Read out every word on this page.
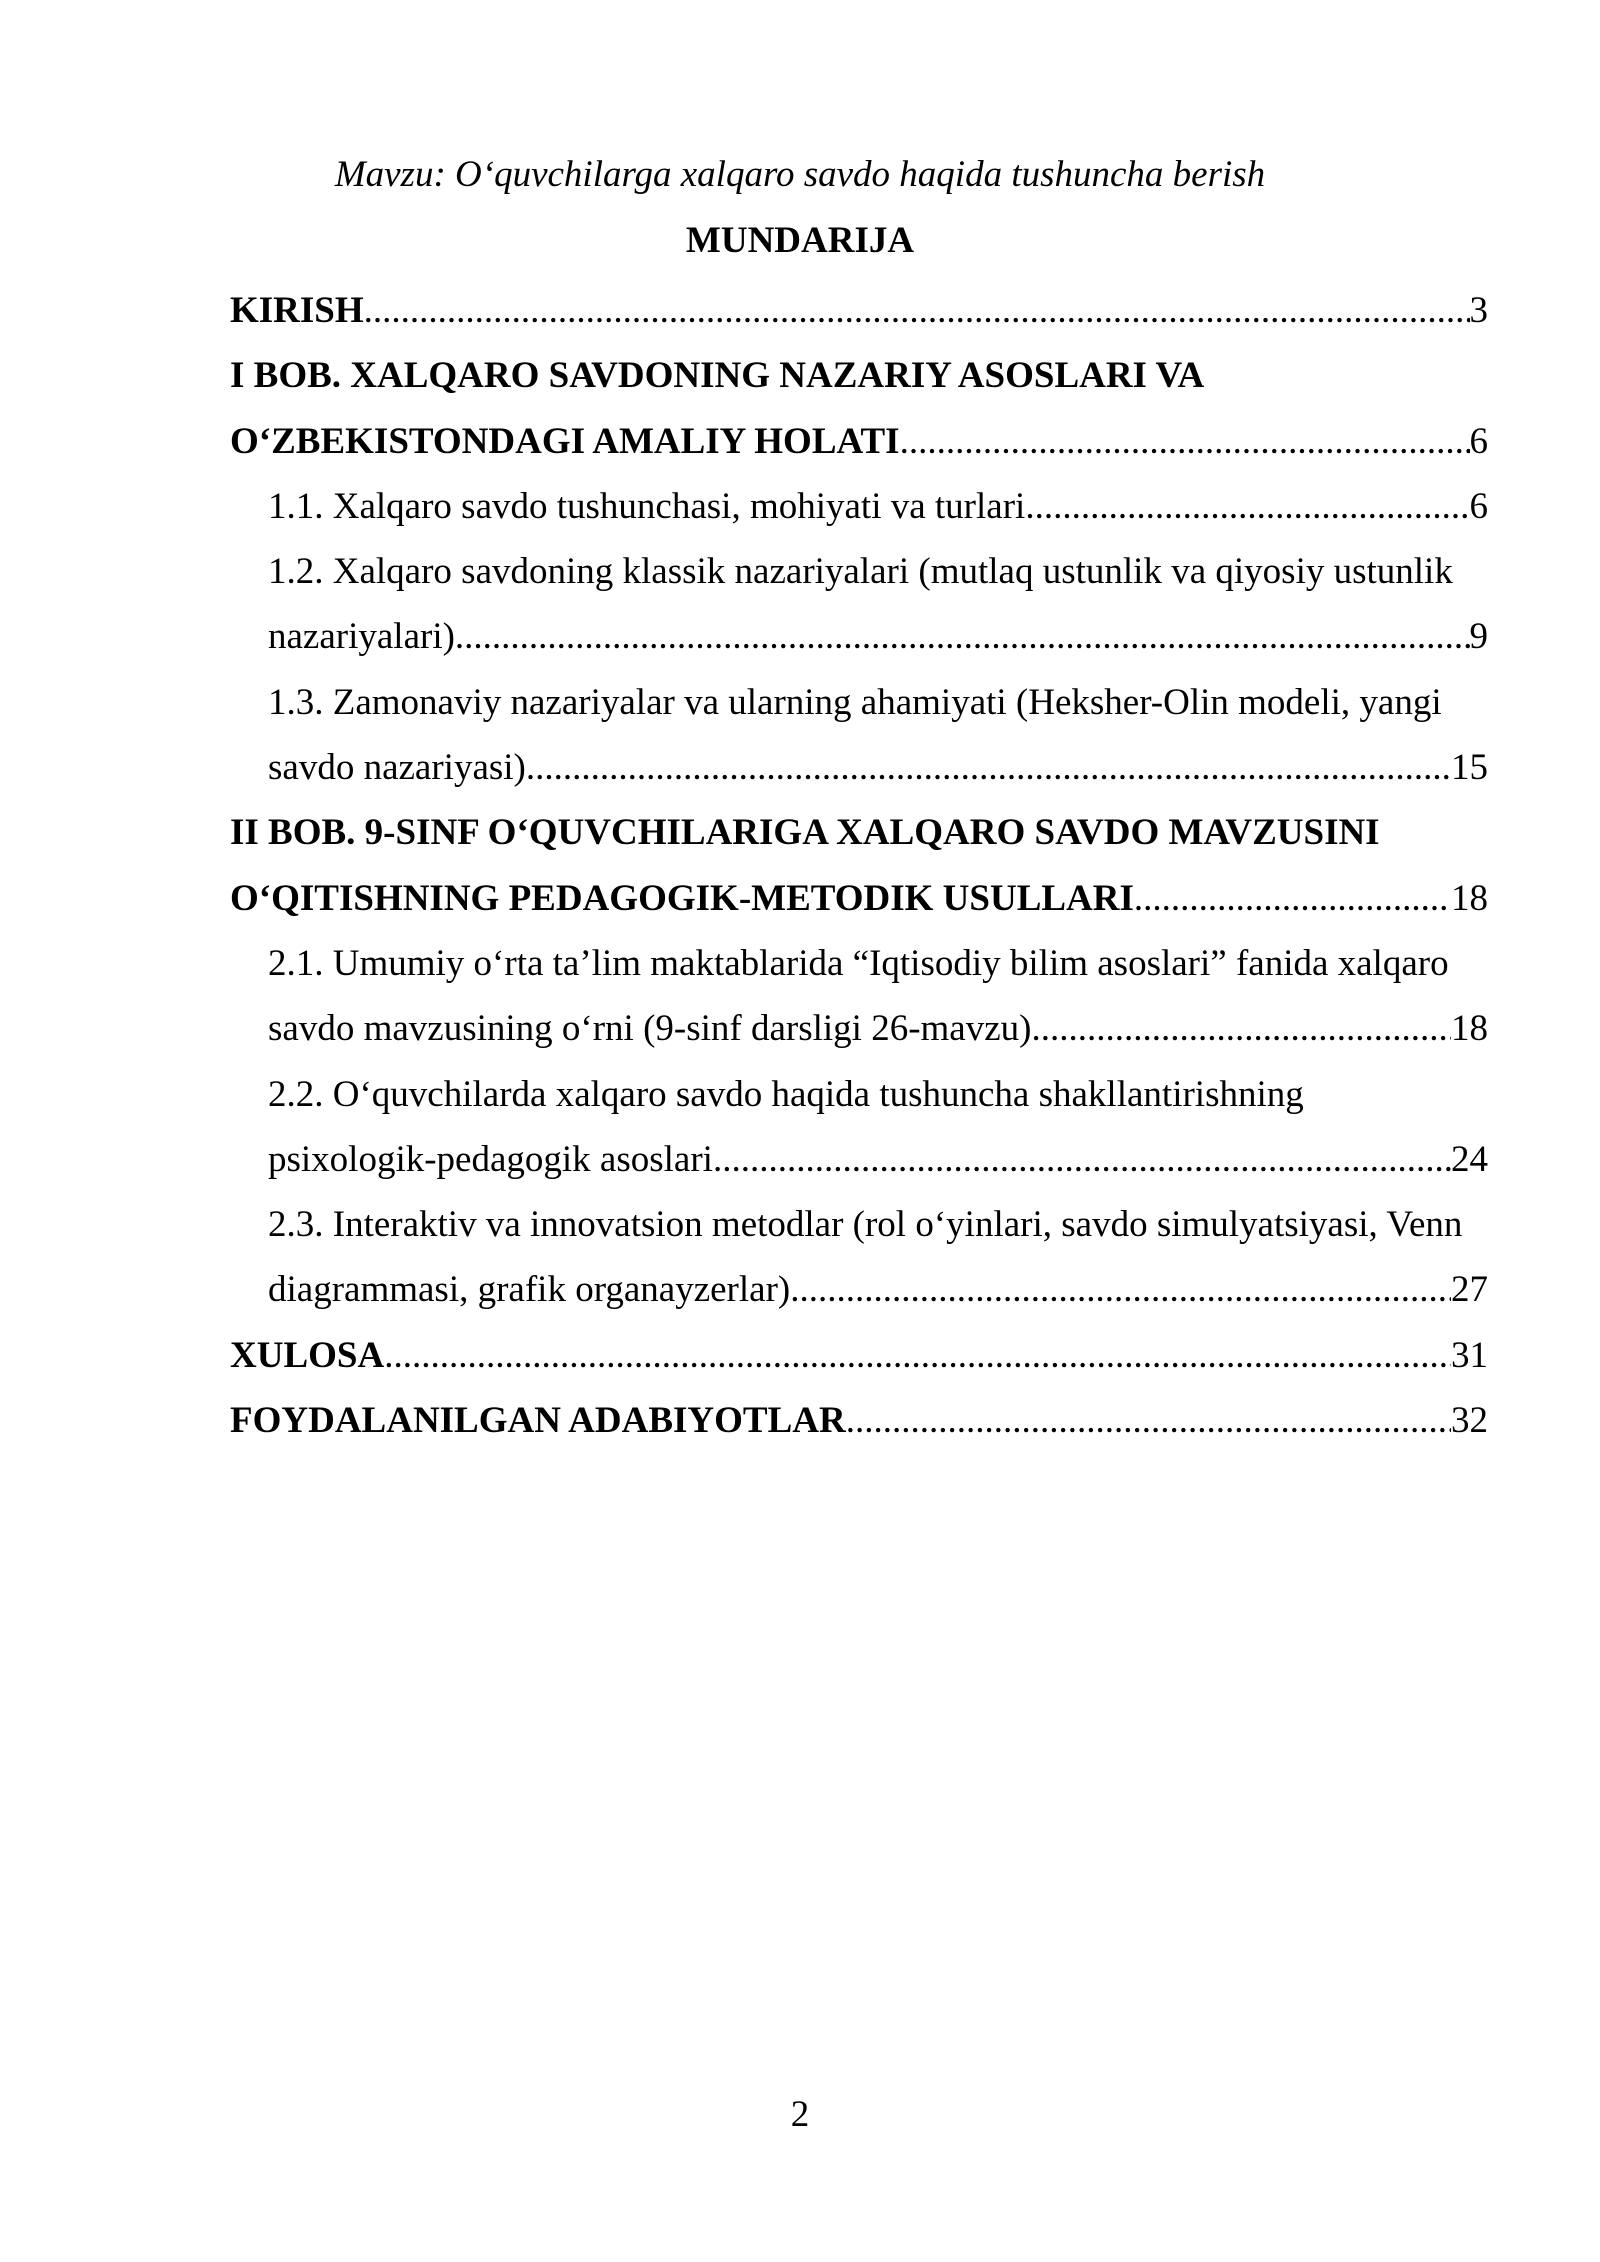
Mavzu: O‘quvchilarga xalqaro savdo haqida tushuncha berish

MUNDARIJA
KIRISH .....	3
I BOB. XALQARO SAVDONING NAZARIY ASOSLARI VA
O‘ZBEKISTONDAGI AMALIY HOLATI .....	6
1.1. Xalqaro savdo tushunchasi, mohiyati va turlari .....	6
1.2. Xalqaro savdoning klassik nazariyalari (mutlaq ustunlik va qiyosiy ustunlik
nazariyalari) .....	9
1.3. Zamonaviy nazariyalar va ularning ahamiyati (Heksher-Olin modeli, yangi
savdo nazariyasi) .....	15
II BOB. 9-SINF O‘QUVCHILARIGA XALQARO SAVDO MAVZUSINI
O‘QITISHNING PEDAGOGIK-METODIK USULLARI .....	18
2.1. Umumiy o‘rta ta’lim maktablarida “Iqtisodiy bilim asoslari” fanida xalqaro
savdo mavzusining o‘rni (9-sinf darsligi 26-mavzu) .....	18
2.2. O‘quvchilarda xalqaro savdo haqida tushuncha shakllantirishning
psixologik-pedagogik asoslari .....	24
2.3. Interaktiv va innovatsion metodlar (rol o‘yinlari, savdo simulyatsiyasi, Venn
diagrammasi, grafik organayzerlar) .....	27
XULOSA .....	31
FOYDALANILGAN ADABIYOTLAR .....	32
2
